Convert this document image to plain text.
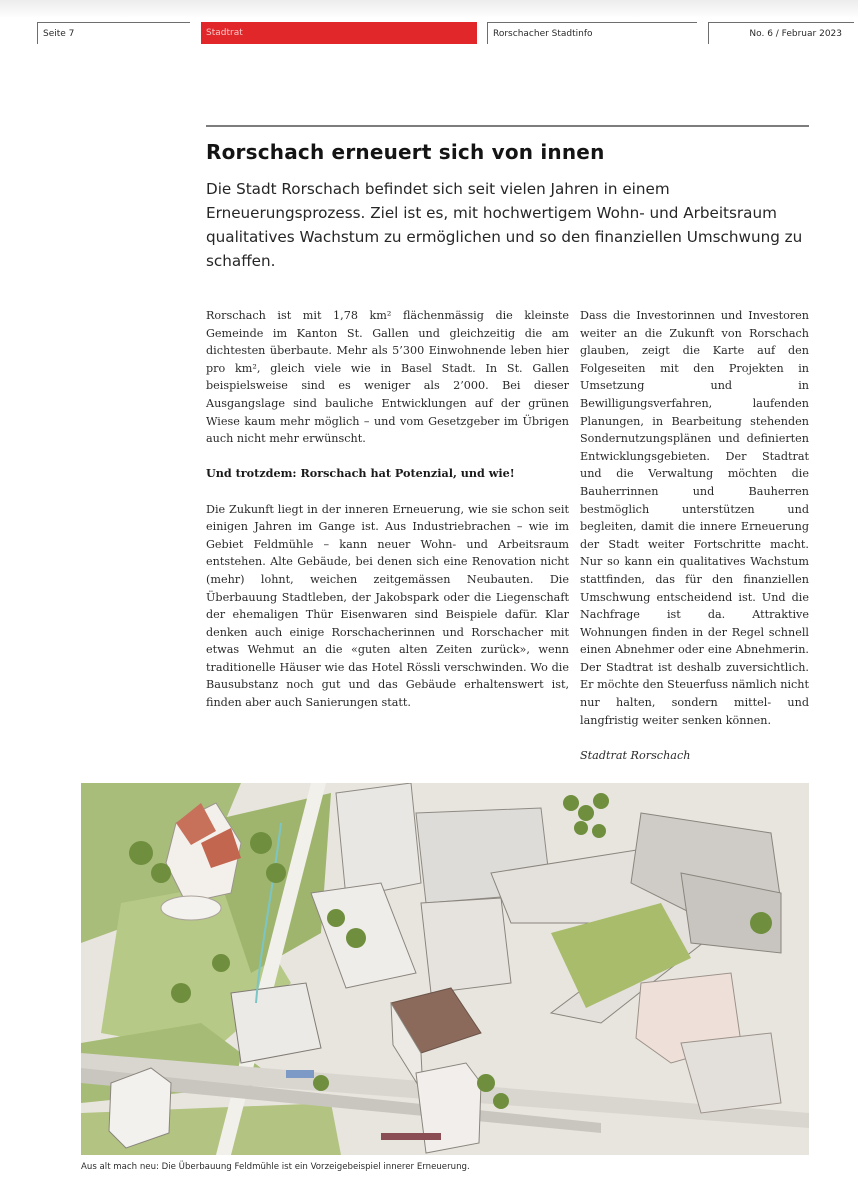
Seite 7	Stadtrat	Rorschacher Stadtinfo	No. 6 / Februar 2023
Rorschach erneuert sich von innen

Die Stadt Rorschach befindet sich seit vielen Jahren in einem Erneuerungsprozess. Ziel ist es, mit hochwertigem Wohn- und Arbeitsraum qualitatives Wachstum zu ermöglichen und so den finanziellen Umschwung zu schaffen.

Rorschach ist mit 1,78 km² flächenmässig die kleinste Gemeinde im Kanton St. Gallen und gleichzeitig die am dichtesten überbaute. Mehr als 5’300 Einwohnende leben hier pro km², gleich viele wie in Basel Stadt. In St. Gallen beispielsweise sind es weniger als 2’000. Bei dieser Ausgangslage sind bauliche Entwicklungen auf der grünen Wiese kaum mehr möglich – und vom Gesetzgeber im Übrigen auch nicht mehr erwünscht.

Und trotzdem: Rorschach hat Potenzial, und wie!

Die Zukunft liegt in der inneren Erneuerung, wie sie schon seit einigen Jahren im Gange ist. Aus Industriebrachen – wie im Gebiet Feldmühle – kann neuer Wohn- und Arbeitsraum entstehen. Alte Gebäude, bei denen sich eine Renovation nicht (mehr) lohnt, weichen zeitgemässen Neubauten. Die Überbauung Stadtleben, der Jakobspark oder die Liegenschaft der ehemaligen Thür Eisenwaren sind Beispiele dafür. Klar denken auch einige Rorschacherinnen und Rorschacher mit etwas Wehmut an die «guten alten Zeiten zurück», wenn traditionelle Häuser wie das Hotel Rössli verschwinden. Wo die Bausubstanz noch gut und das Gebäude erhaltenswert ist, finden aber auch Sanierungen statt.

Dass die Investorinnen und Investoren weiter an die Zukunft von Rorschach glauben, zeigt die Karte auf den Folgeseiten mit den Projekten in Umsetzung und in Bewilligungsverfahren, laufenden Planungen, in Bearbeitung stehenden Sondernutzungsplänen und definierten Entwicklungsgebieten. Der Stadtrat und die Verwaltung möchten die Bauherrinnen und Bauherren bestmöglich unterstützen und begleiten, damit die innere Erneuerung der Stadt weiter Fortschritte macht. Nur so kann ein qualitatives Wachstum stattfinden, das für den finanziellen Umschwung entscheidend ist. Und die Nachfrage ist da. Attraktive Wohnungen finden in der Regel schnell einen Abnehmer oder eine Abnehmerin. Der Stadtrat ist deshalb zuversichtlich. Er möchte den Steuerfuss nämlich nicht nur halten, sondern mittel- und langfristig weiter senken können.

Stadtrat Rorschach

Aus alt mach neu: Die Überbauung Feldmühle ist ein Vorzeigebeispiel innerer Erneuerung.
